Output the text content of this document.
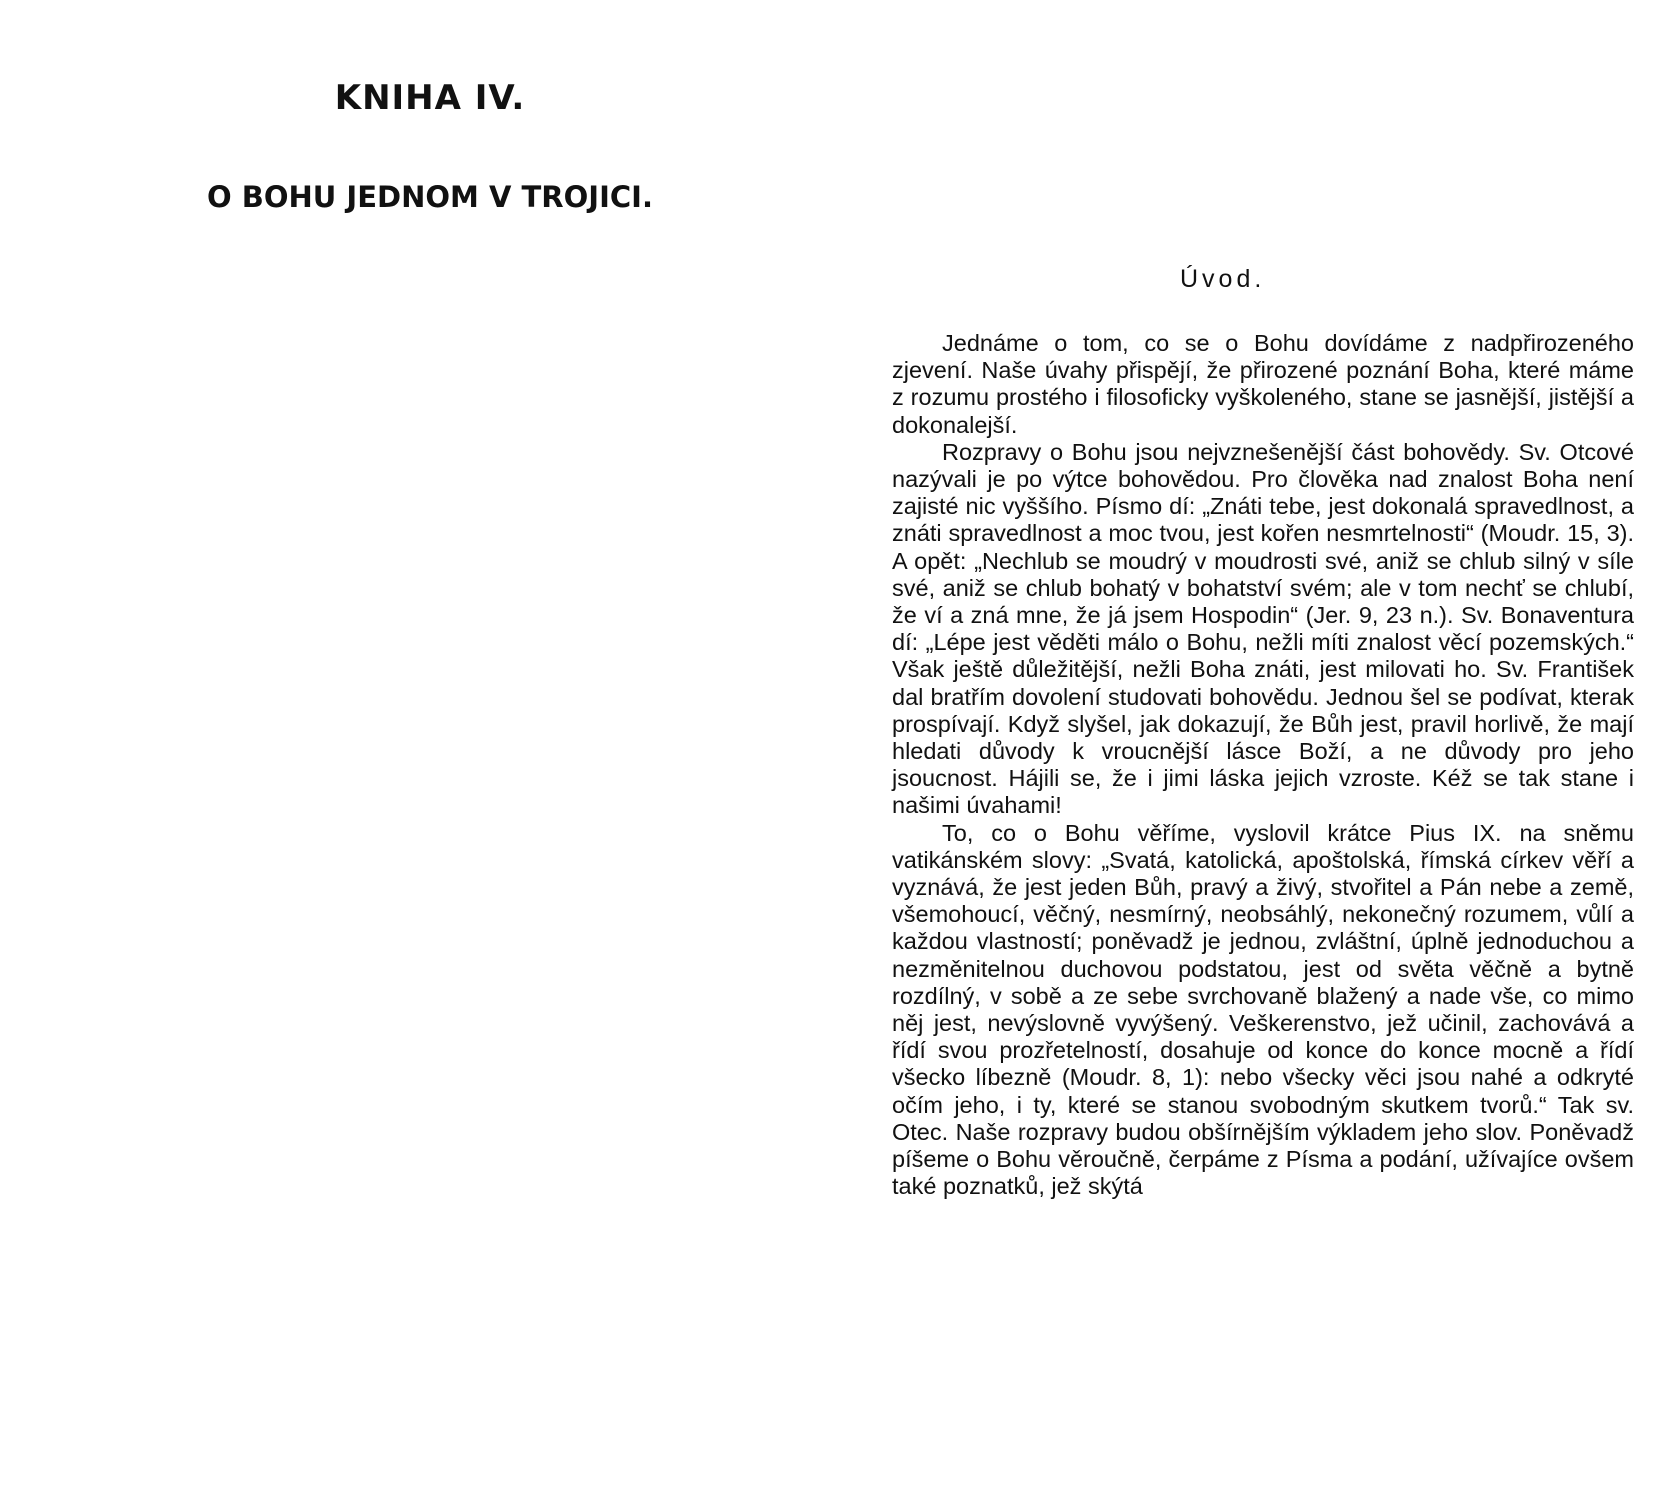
KNIHA IV.
O BOHU JEDNOM V TROJICI.
Úvod.

Jednáme o tom, co se o Bohu dovídáme z nadpřirozeného zjevení. Naše úvahy přispějí, že přirozené poznání Boha, které máme z rozumu prostého i filosoficky vyškoleného, stane se jasnější, jistější a dokonalejší.

Rozpravy o Bohu jsou nejvznešenější část bohovědy. Sv. Otcové nazývali je po výtce bohovědou. Pro člověka nad znalost Boha není zajisté nic vyššího. Písmo dí: „Znáti tebe, jest dokonalá spravedlnost, a znáti spravedlnost a moc tvou, jest kořen nesmrtelnosti“ (Moudr. 15, 3). A opět: „Nechlub se moudrý v moudrosti své, aniž se chlub silný v síle své, aniž se chlub bohatý v bohatství svém; ale v tom nechť se chlubí, že ví a zná mne, že já jsem Hospodin“ (Jer. 9, 23 n.). Sv. Bonaventura dí: „Lépe jest věděti málo o Bohu, nežli míti znalost věcí pozemských.“ Však ještě důležitější, nežli Boha znáti, jest milovati ho. Sv. František dal bratřím dovolení studovati bohovědu. Jednou šel se podívat, kterak prospívají. Když slyšel, jak dokazují, že Bůh jest, pravil horlivě, že mají hledati důvody k vroucnější lásce Boží, a ne důvody pro jeho jsoucnost. Hájili se, že i jimi láska jejich vzroste. Kéž se tak stane i našimi úvahami!

To, co o Bohu věříme, vyslovil krátce Pius IX. na sněmu vatikánském slovy: „Svatá, katolická, apoštolská, římská církev věří a vyznává, že jest jeden Bůh, pravý a živý, stvořitel a Pán nebe a země, všemohoucí, věčný, nesmírný, neobsáhlý, nekonečný rozumem, vůlí a každou vlastností; poněvadž je jednou, zvláštní, úplně jednoduchou a nezměnitelnou duchovou podstatou, jest od světa věčně a bytně rozdílný, v sobě a ze sebe svrchovaně blažený a nade vše, co mimo něj jest, nevýslovně vyvýšený. Veškerenstvo, jež učinil, zachovává a řídí svou prozřetelností, dosahuje od konce do konce mocně a řídí všecko líbezně (Moudr. 8, 1): nebo všecky věci jsou nahé a odkryté očím jeho, i ty, které se stanou svobodným skutkem tvorů.“ Tak sv. Otec. Naše rozpravy budou obšírnějším výkladem jeho slov. Poněvadž píšeme o Bohu věroučně, čerpáme z Písma a podání, užívajíce ovšem také poznatků, jež skýtá
